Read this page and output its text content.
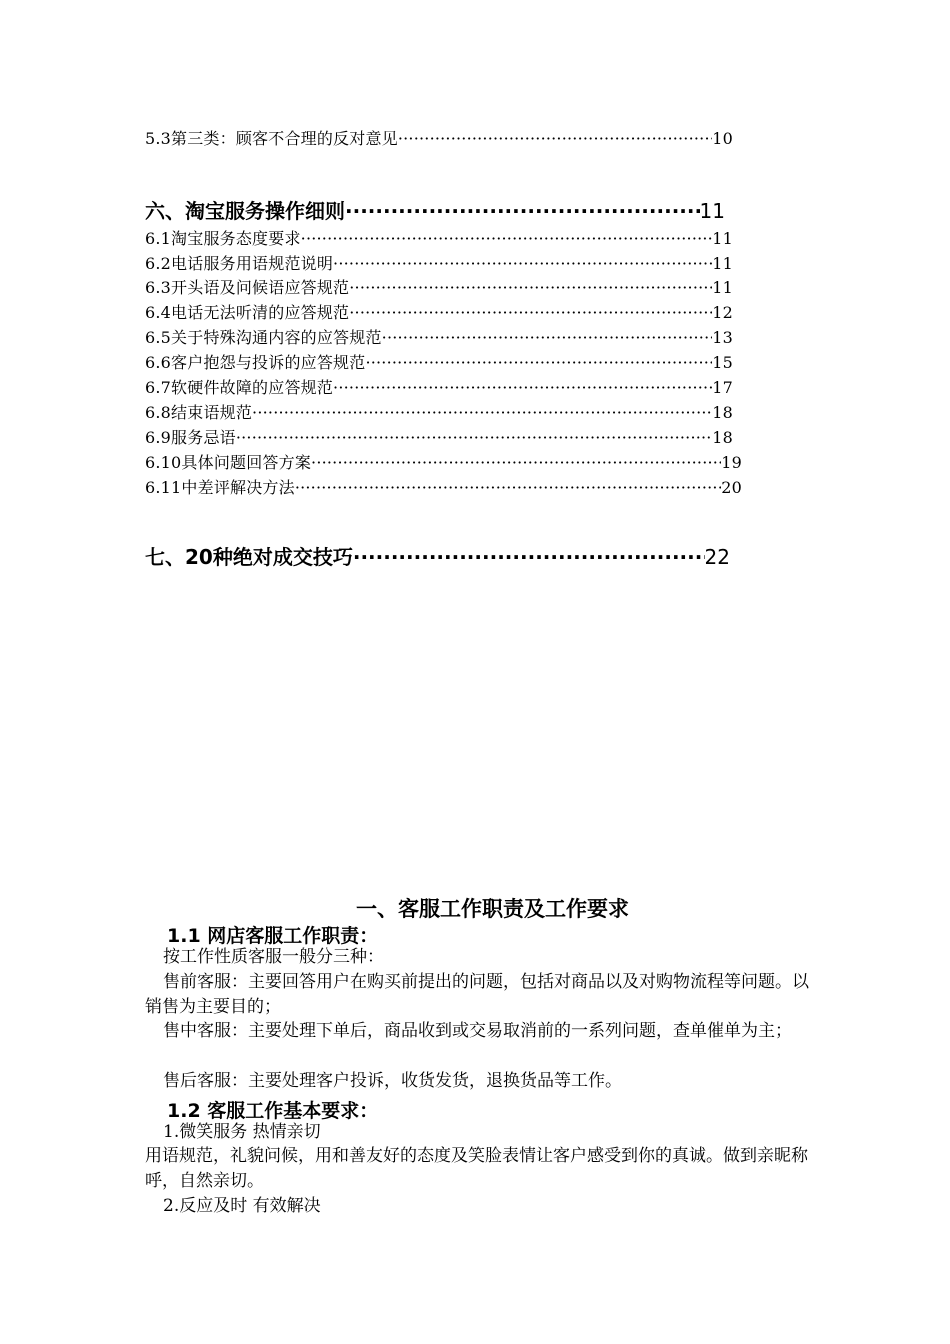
5.3第三类：顾客不合理的反对意见 ·····	10
六、淘宝服务操作细则 ·····	11
6.1淘宝服务态度要求 ·····	11
6.2电话服务用语规范说明 ·····	11
6.3开头语及问候语应答规范 ·····	11
6.4电话无法听清的应答规范 ·····	12
6.5关于特殊沟通内容的应答规范 ·····	13
6.6客户抱怨与投诉的应答规范 ·····	15
6.7软硬件故障的应答规范 ·····	17
6.8结束语规范 ·····	18
6.9服务忌语 ·····	18
6.10具体问题回答方案 ·····	19
6.11中差评解决方法 ·····	20
七、20种绝对成交技巧 ·····	22
一、客服工作职责及工作要求
1.1 网店客服工作职责：
按工作性质客服一般分三种：
售前客服：主要回答用户在购买前提出的问题，包括对商品以及对购物流程等问题。以销售为主要目的；
售中客服：主要处理下单后，商品收到或交易取消前的一系列问题，查单催单为主；
售后客服：主要处理客户投诉，收货发货，退换货品等工作。
1.2 客服工作基本要求：
1.微笑服务 热情亲切
用语规范，礼貌问候，用和善友好的态度及笑脸表情让客户感受到你的真诚。做到亲昵称呼，自然亲切。
2.反应及时 有效解决
